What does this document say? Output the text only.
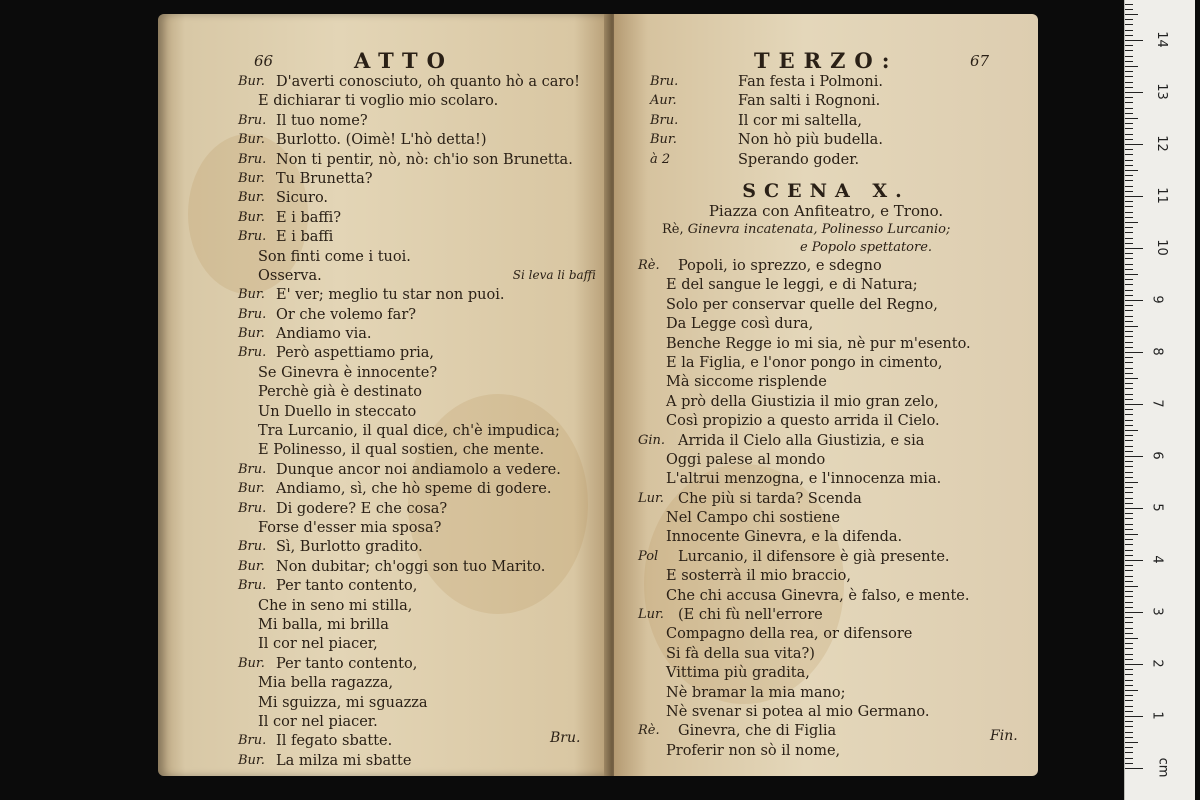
66	ATTO
Bur. D'averti conosciuto, oh quanto hò a caro!
E dichiarar ti voglio mio scolaro.
Bru. Il tuo nome?
Bur. Burlotto. (Oimè! L'hò detta!)
Bru. Non ti pentir, nò, nò: ch'io son Brunetta.
Bur. Tu Brunetta?
Bur. Sicuro.
Bur. E i baffi?
Bru. E i baffi
Son finti come i tuoi.
Osserva.	Si leva li baffi
Bur. E' ver; meglio tu star non puoi.
Bru. Or che volemo far?
Bur. Andiamo via.
Bru. Però aspettiamo pria,
Se Ginevra è innocente?
Perchè già è destinato
Un Duello in steccato
Tra Lurcanio, il qual dice, ch'è impudica;
E Polinesso, il qual sostien, che mente.
Bru. Dunque ancor noi andiamolo a vedere.
Bur. Andiamo, sì, che hò speme di godere.
Bru. Di godere? E che cosa?
Forse d'esser mia sposa?
Bru. Sì, Burlotto gradito.
Bur. Non dubitar; ch'oggi son tuo Marito.
Bru. Per tanto contento,
Che in seno mi stilla,
Mi balla, mi brilla
Il cor nel piacer,
Bur. Per tanto contento,
Mia bella ragazza,
Mi sguizza, mi sguazza
Il cor nel piacer.
Bru. Il fegato sbatte.
Bur. La milza mi sbatte
Bru.
TERZO:	67
Bru.	Fan festa i Polmoni.
Aur.	Fan salti i Rognoni.
Bru.	Il cor mi saltella,
Bur.	Non hò più budella.
à 2	Sperando goder.
SCENA X.
Piazza con Anfiteatro, e Trono.
Rè, Ginevra incatenata, Polinesso Lurcanio;
e Popolo spettatore.
Rè. Popoli, io sprezzo, e sdegno
E del sangue le leggi, e di Natura;
Solo per conservar quelle del Regno,
Da Legge così dura,
Benche Regge io mi sia, nè pur m'esento.
E la Figlia, e l'onor pongo in cimento,
Mà siccome risplende
A prò della Giustizia il mio gran zelo,
Così propizio a questo arrida il Cielo.
Gin. Arrida il Cielo alla Giustizia, e sia
Oggi palese al mondo
L'altrui menzogna, e l'innocenza mia.
Lur. Che più si tarda? Scenda
Nel Campo chi sostiene
Innocente Ginevra, e la difenda.
Pol Lurcanio, il difensore è già presente.
E sosterrà il mio braccio,
Che chi accusa Ginevra, è falso, e mente.
Lur. (E chi fù nell'errore
Compagno della rea, or difensore
Si fà della sua vita?)
Vittima più gradita,
Nè bramar la mia mano;
Nè svenar si potea al mio Germano.
Rè. Ginevra, che di Figlia
Proferir non sò il nome,
Fin.
cm
1
2
3
4
5
6
7
8
9
10
11
12
13
14
